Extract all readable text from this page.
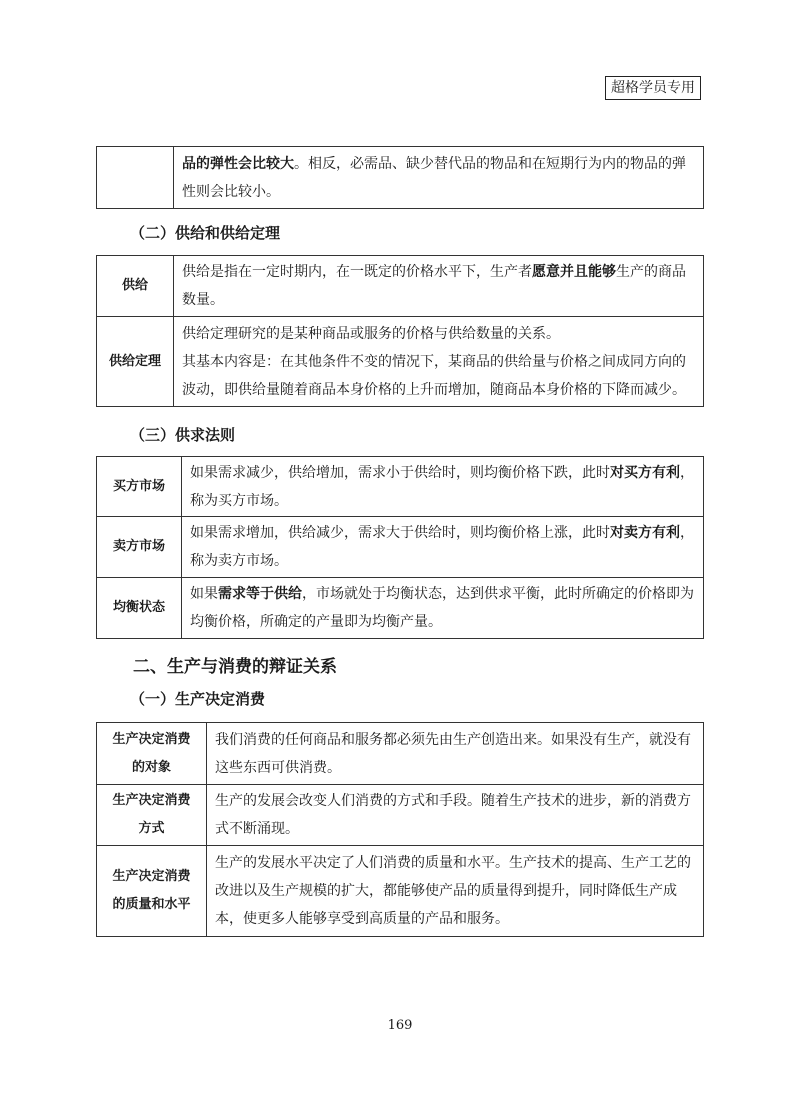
超格学员专用
	品的弹性会比较大。相反，必需品、缺少替代品的物品和在短期行为内的物品的弹性则会比较小。
（二）供给和供给定理
供给	供给是指在一定时期内，在一既定的价格水平下，生产者愿意并且能够生产的商品数量。
供给定理	供给定理研究的是某种商品或服务的价格与供给数量的关系。
其基本内容是：在其他条件不变的情况下，某商品的供给量与价格之间成同方向的波动，即供给量随着商品本身价格的上升而增加，随商品本身价格的下降而减少。
（三）供求法则
买方市场	如果需求减少，供给增加，需求小于供给时，则均衡价格下跌，此时对买方有利，称为买方市场。
卖方市场	如果需求增加，供给减少，需求大于供给时，则均衡价格上涨，此时对卖方有利，称为卖方市场。
均衡状态	如果需求等于供给，市场就处于均衡状态，达到供求平衡，此时所确定的价格即为均衡价格，所确定的产量即为均衡产量。
二、生产与消费的辩证关系
（一）生产决定消费
生产决定消费
的对象	我们消费的任何商品和服务都必须先由生产创造出来。如果没有生产，就没有这些东西可供消费。
生产决定消费
方式	生产的发展会改变人们消费的方式和手段。随着生产技术的进步，新的消费方式不断涌现。
生产决定消费
的质量和水平	生产的发展水平决定了人们消费的质量和水平。生产技术的提高、生产工艺的改进以及生产规模的扩大，都能够使产品的质量得到提升，同时降低生产成本，使更多人能够享受到高质量的产品和服务。
169
